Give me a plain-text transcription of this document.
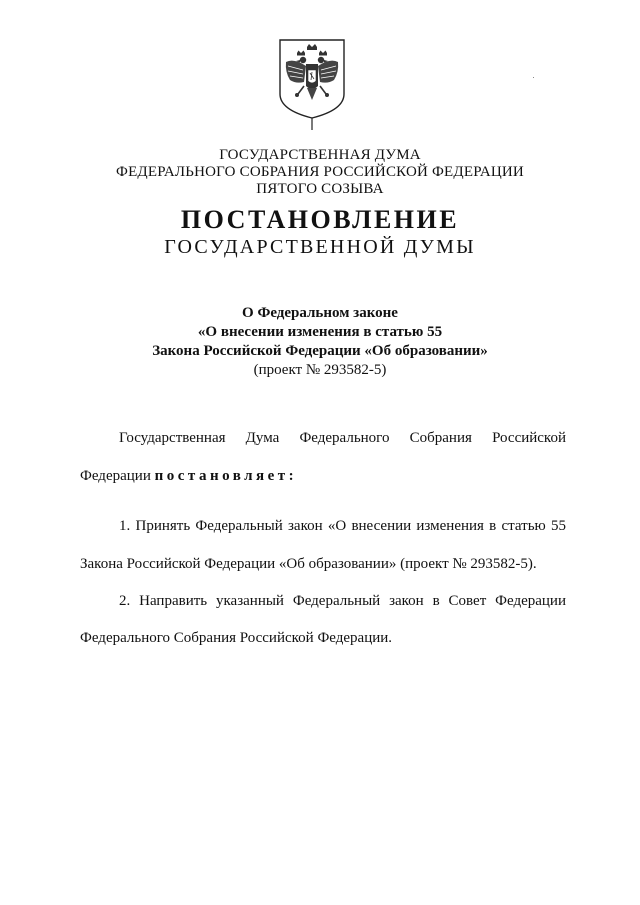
ГОСУДАРСТВЕННАЯ ДУМА
ФЕДЕРАЛЬНОГО СОБРАНИЯ РОССИЙСКОЙ ФЕДЕРАЦИИ
ПЯТОГО СОЗЫВА
ПОСТАНОВЛЕНИЕ
ГОСУДАРСТВЕННОЙ ДУМЫ
О Федеральном законе
«О внесении изменения в статью 55
Закона Российской Федерации «Об образовании»
(проект № 293582-5)
Государственная Дума Федерального Собрания Российской
Федерации постановляет:
1. Принять Федеральный закон «О внесении изменения в статью 55
Закона Российской Федерации «Об образовании» (проект № 293582-5).
2. Направить указанный Федеральный закон в Совет Федерации
Федерального Собрания Российской Федерации.
